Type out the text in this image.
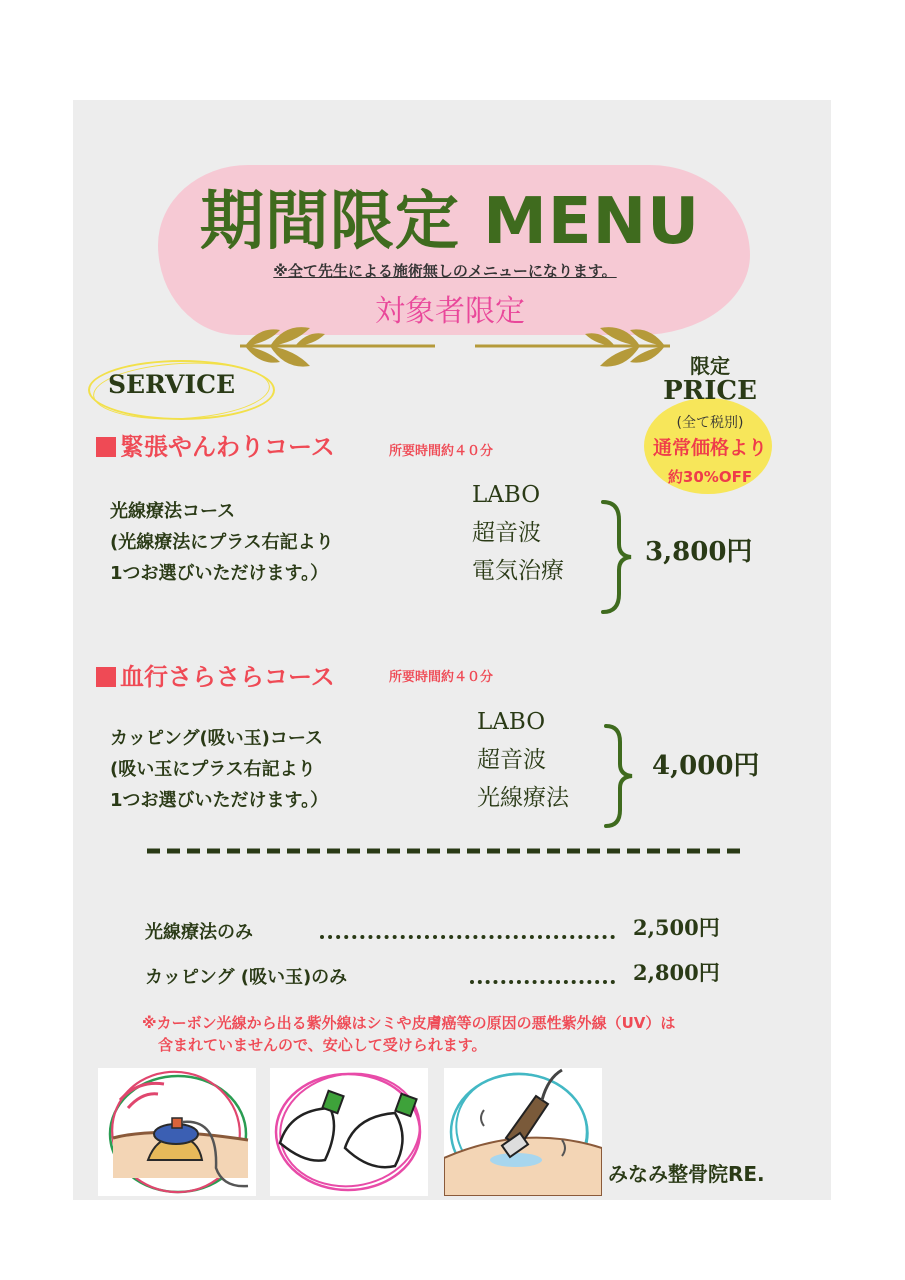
期間限定 MENU
※全て先生による施術無しのメニューになります。
対象者限定
SERVICE
限定
PRICE
(全て税別)
通常価格より
約30%OFF
緊張やんわりコース	所要時間約４０分
光線療法コース
(光線療法にプラス右記より
1つお選びいただけます。）
LABO
超音波
電気治療
3,800円
血行さらさらコース	所要時間約４０分
カッピング(吸い玉)コース
(吸い玉にプラス右記より
1つお選びいただけます。）
LABO
超音波
光線療法
4,000円
光線療法のみ	2,500円
カッピング (吸い玉)のみ	2,800円
※カーボン光線から出る紫外線はシミや皮膚癌等の原因の悪性紫外線（UV）は
含まれていませんので、安心して受けられます。
みなみ整骨院RE.
